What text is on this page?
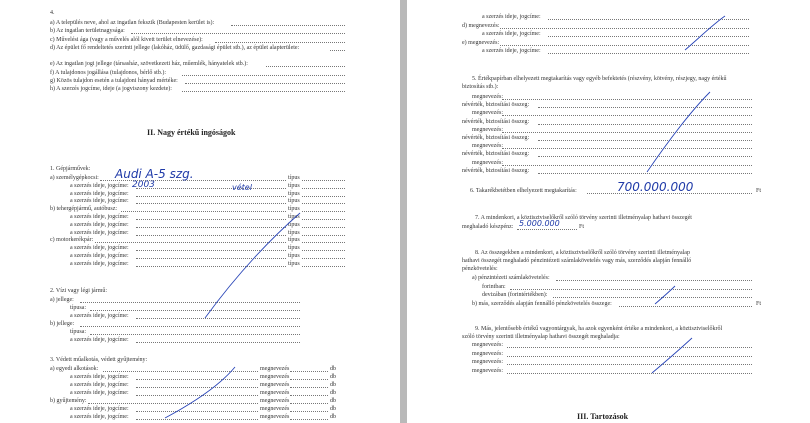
4.
a) A település neve, ahol az ingatlan fekszik (Budapesten kerület is):
b) Az ingatlan területnagysága:
c) Művelési ága (vagy a művelés alól kivett terület elnevezése):
d) Az épület fő rendeltetés szerinti jellege (lakóház, üdülő, gazdasági épület stb.), az épület alapterülete:
e) Az ingatlan jogi jellege (társasház, szövetkezeti ház, műemlék, hányatelek stb.):
f) A tulajdonos jogállása (tulajdonos, bérlő stb.):
g) Közös tulajdon esetén a tulajdoni hányad mértéke:
h) A szerzés jogcíme, ideje (a jogviszony kezdete):
II. Nagy értékű ingóságok
1. Gépjárművek:
a) személygépkocsi:	típus
a szerzés ideje, jogcíme:	típus
a szerzés ideje, jogcíme:	típus
a szerzés ideje, jogcíme:	típus
b) tehergépjármű, autóbusz:	típus
a szerzés ideje, jogcíme:	típus
a szerzés ideje, jogcíme:	típus
a szerzés ideje, jogcíme:	típus
c) motorkerékpár:	típus
a szerzés ideje, jogcíme:	típus
a szerzés ideje, jogcíme:	típus
a szerzés ideje, jogcíme:	típus
Audi A-5 szg.
2003	vétel
2. Vízi vagy légi jármű:
a) jellege:
típusa:
a szerzés ideje, jogcíme:
b) jellege:
típusa:
a szerzés ideje, jogcíme:
3. Védett műalkotás, védett gyűjtemény:
a) egyedi alkotások:	megnevezés	db
a szerzés ideje, jogcíme:	megnevezés	db
a szerzés ideje, jogcíme:	megnevezés	db
a szerzés ideje, jogcíme:	megnevezés	db
b) gyűjtemény:	megnevezés	db
a szerzés ideje, jogcíme:	megnevezés	db
a szerzés ideje, jogcíme:	megnevezés	db
a szerzés ideje, jogcíme:
d) megnevezés:
a szerzés ideje, jogcíme:
e) megnevezés:
a szerzés ideje, jogcíme:
5. Értékpapírban elhelyezett megtakarítás vagy egyéb befektetés (részvény, kötvény, részjegy, nagy értékű
biztosítás stb.):
megnevezés:
névérték, biztosítási összeg:
megnevezés:
névérték, biztosítási összeg:
megnevezés:
névérték, biztosítási összeg:
megnevezés:
névérték, biztosítási összeg:
megnevezés:
névérték, biztosítási összeg:
6. Takarékbetétben elhelyezett megtakarítás:	700.000.000	Ft
7. A mindenkori, a köztisztviselőkről szóló törvény szerinti illetményalap hathavi összegét
meghaladó készpénz: 5.000.000	Ft
8. Az összegekben a mindenkori, a köztisztviselőkről szóló törvény szerinti illetményalap
hathavi összegét meghaladó pénzintézeti számlakövetelés vagy más, szerződés alapján fennálló
pénzkövetelés:
a) pénzintézeti számlakövetelés:
forintban:
devizában (forintértékben):
b) más, szerződés alapján fennálló pénzkövetelés összege:	Ft
9. Más, jelentősebb értékű vagyontárgyak, ha azok egyenként értéke a mindenkori, a köztisztviselőkről
szóló törvény szerinti illetményalap hathavi összegét meghaladja:
megnevezés:
megnevezés:
megnevezés:
megnevezés:
III. Tartozások
